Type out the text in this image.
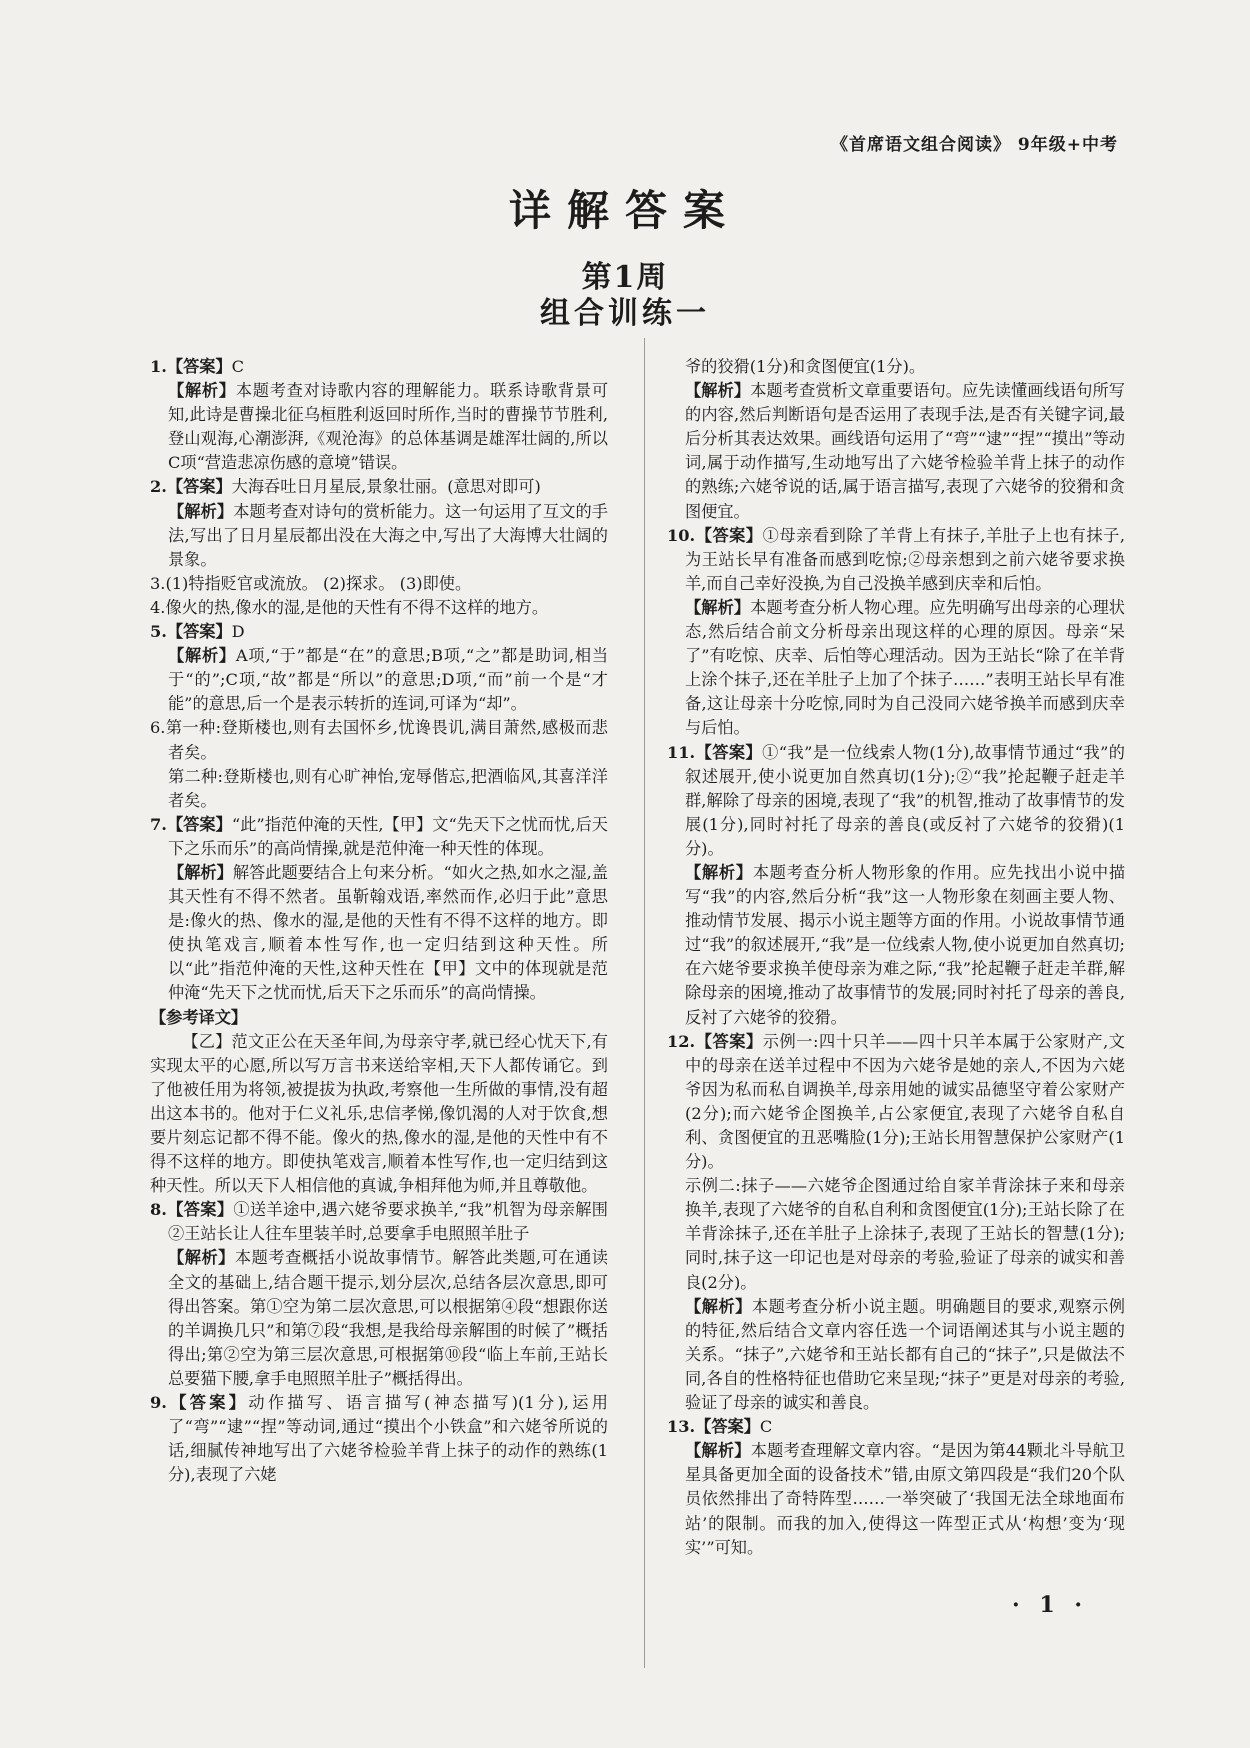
《首席语文组合阅读》 9年级+中考
详解答案
第1周
组合训练一

1.【答案】C

【解析】本题考查对诗歌内容的理解能力。联系诗歌背景可知,此诗是曹操北征乌桓胜利返回时所作,当时的曹操节节胜利,登山观海,心潮澎湃,《观沧海》的总体基调是雄浑壮阔的,所以C项“营造悲凉伤感的意境”错误。

2.【答案】大海吞吐日月星辰,景象壮丽。(意思对即可)

【解析】本题考查对诗句的赏析能力。这一句运用了互文的手法,写出了日月星辰都出没在大海之中,写出了大海博大壮阔的景象。

3.(1)特指贬官或流放。 (2)探求。 (3)即使。

4.像火的热,像水的湿,是他的天性有不得不这样的地方。

5.【答案】D

【解析】A项,“于”都是“在”的意思;B项,“之”都是助词,相当于“的”;C项,“故”都是“所以”的意思;D项,“而”前一个是“才能”的意思,后一个是表示转折的连词,可译为“却”。

6.第一种:登斯楼也,则有去国怀乡,忧谗畏讥,满目萧然,感极而悲者矣。

第二种:登斯楼也,则有心旷神怡,宠辱偕忘,把酒临风,其喜洋洋者矣。

7.【答案】“此”指范仲淹的天性,【甲】文“先天下之忧而忧,后天下之乐而乐”的高尚情操,就是范仲淹一种天性的体现。

【解析】解答此题要结合上句来分析。“如火之热,如水之湿,盖其天性有不得不然者。虽靳翰戏语,率然而作,必归于此”意思是:像火的热、像水的湿,是他的天性有不得不这样的地方。即使执笔戏言,顺着本性写作,也一定归结到这种天性。所以“此”指范仲淹的天性,这种天性在【甲】文中的体现就是范仲淹“先天下之忧而忧,后天下之乐而乐”的高尚情操。

【参考译文】

【乙】范文正公在天圣年间,为母亲守孝,就已经心忧天下,有实现太平的心愿,所以写万言书来送给宰相,天下人都传诵它。到了他被任用为将领,被提拔为执政,考察他一生所做的事情,没有超出这本书的。他对于仁义礼乐,忠信孝悌,像饥渴的人对于饮食,想要片刻忘记都不得不能。像火的热,像水的湿,是他的天性中有不得不这样的地方。即使执笔戏言,顺着本性写作,也一定归结到这种天性。所以天下人相信他的真诚,争相拜他为师,并且尊敬他。

8.【答案】①送羊途中,遇六姥爷要求换羊,“我”机智为母亲解围 ②王站长让人往车里装羊时,总要拿手电照照羊肚子

【解析】本题考查概括小说故事情节。解答此类题,可在通读全文的基础上,结合题干提示,划分层次,总结各层次意思,即可得出答案。第①空为第二层次意思,可以根据第④段“想跟你送的羊调换几只”和第⑦段“我想,是我给母亲解围的时候了”概括得出;第②空为第三层次意思,可根据第⑩段“临上车前,王站长总要猫下腰,拿手电照照羊肚子”概括得出。

9.【答案】动作描写、语言描写(神态描写)(1分),运用了“弯”“逮”“捏”等动词,通过“摸出个小铁盒”和六姥爷所说的话,细腻传神地写出了六姥爷检验羊背上抹子的动作的熟练(1分),表现了六姥

爷的狡猾(1分)和贪图便宜(1分)。

【解析】本题考查赏析文章重要语句。应先读懂画线语句所写的内容,然后判断语句是否运用了表现手法,是否有关键字词,最后分析其表达效果。画线语句运用了“弯”“逮”“捏”“摸出”等动词,属于动作描写,生动地写出了六姥爷检验羊背上抹子的动作的熟练;六姥爷说的话,属于语言描写,表现了六姥爷的狡猾和贪图便宜。

10.【答案】①母亲看到除了羊背上有抹子,羊肚子上也有抹子,为王站长早有准备而感到吃惊;②母亲想到之前六姥爷要求换羊,而自己幸好没换,为自己没换羊感到庆幸和后怕。

【解析】本题考查分析人物心理。应先明确写出母亲的心理状态,然后结合前文分析母亲出现这样的心理的原因。母亲“呆了”有吃惊、庆幸、后怕等心理活动。因为王站长“除了在羊背上涂个抹子,还在羊肚子上加了个抹子……”表明王站长早有准备,这让母亲十分吃惊,同时为自己没同六姥爷换羊而感到庆幸与后怕。

11.【答案】①“我”是一位线索人物(1分),故事情节通过“我”的叙述展开,使小说更加自然真切(1分);②“我”抡起鞭子赶走羊群,解除了母亲的困境,表现了“我”的机智,推动了故事情节的发展(1分),同时衬托了母亲的善良(或反衬了六姥爷的狡猾)(1分)。

【解析】本题考查分析人物形象的作用。应先找出小说中描写“我”的内容,然后分析“我”这一人物形象在刻画主要人物、推动情节发展、揭示小说主题等方面的作用。小说故事情节通过“我”的叙述展开,“我”是一位线索人物,使小说更加自然真切;在六姥爷要求换羊使母亲为难之际,“我”抡起鞭子赶走羊群,解除母亲的困境,推动了故事情节的发展;同时衬托了母亲的善良,反衬了六姥爷的狡猾。

12.【答案】示例一:四十只羊——四十只羊本属于公家财产,文中的母亲在送羊过程中不因为六姥爷是她的亲人,不因为六姥爷因为私而私自调换羊,母亲用她的诚实品德坚守着公家财产(2分);而六姥爷企图换羊,占公家便宜,表现了六姥爷自私自利、贪图便宜的丑恶嘴脸(1分);王站长用智慧保护公家财产(1分)。

示例二:抹子——六姥爷企图通过给自家羊背涂抹子来和母亲换羊,表现了六姥爷的自私自利和贪图便宜(1分);王站长除了在羊背涂抹子,还在羊肚子上涂抹子,表现了王站长的智慧(1分);同时,抹子这一印记也是对母亲的考验,验证了母亲的诚实和善良(2分)。

【解析】本题考查分析小说主题。明确题目的要求,观察示例的特征,然后结合文章内容任选一个词语阐述其与小说主题的关系。“抹子”,六姥爷和王站长都有自己的“抹子”,只是做法不同,各自的性格特征也借助它来呈现;“抹子”更是对母亲的考验,验证了母亲的诚实和善良。

13.【答案】C

【解析】本题考查理解文章内容。“是因为第44颗北斗导航卫星具备更加全面的设备技术”错,由原文第四段是“我们20个队员依然排出了奇特阵型……一举突破了‘我国无法全球地面布站’的限制。而我的加入,使得这一阵型正式从‘构想’变为‘现实’”可知。

· 1 ·
